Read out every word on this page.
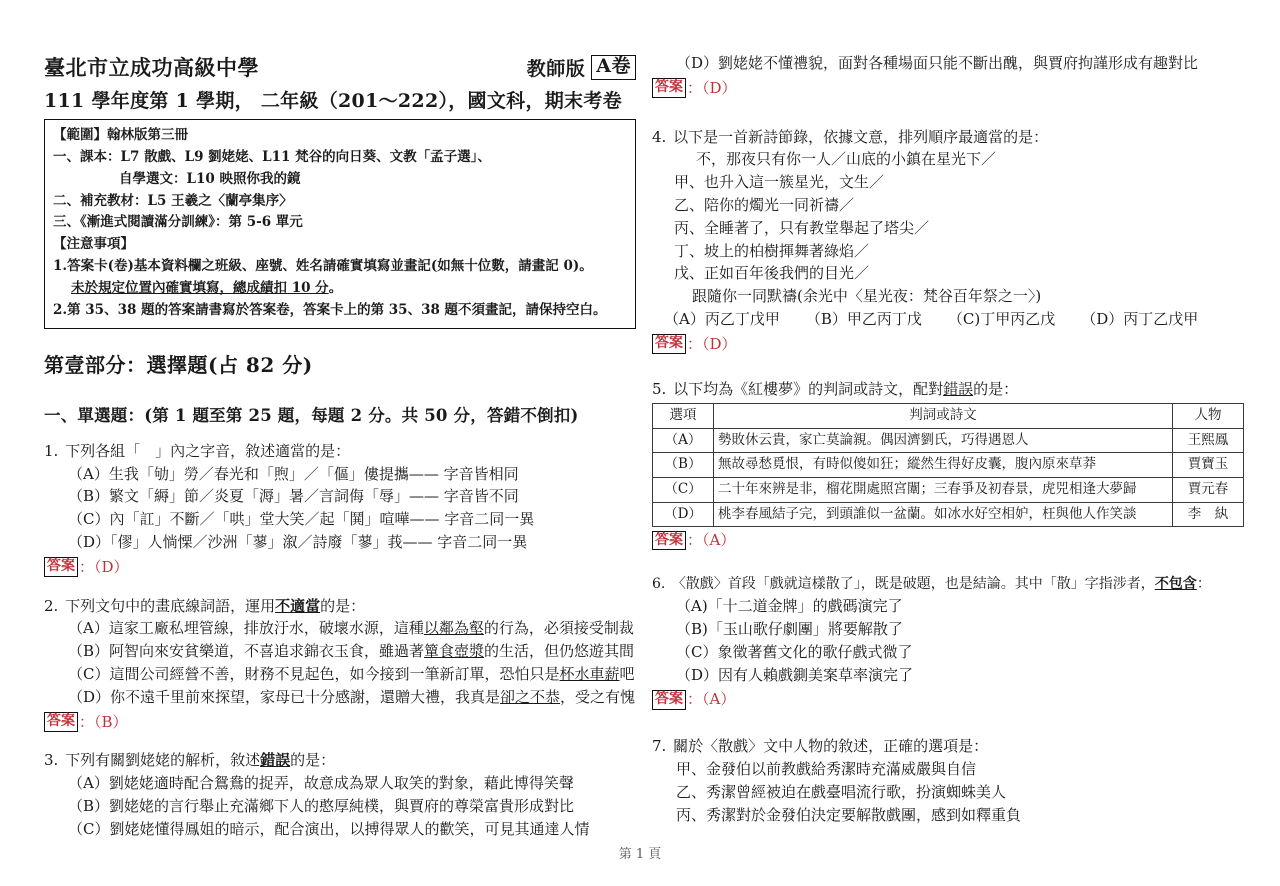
臺北市立成功高級中學	教師版 A卷
111 學年度第 1 學期， 二年級（201～222），國文科，期末考卷
【範圍】翰林版第三冊
一、課本：L7 散戲、L9 劉姥姥、L11 梵谷的向日葵、文教「孟子選」、
自學選文：L10 映照你我的鏡
二、補充教材：L5 王羲之〈蘭亭集序〉
三、《漸進式閱讀滿分訓練》：第 5-6 單元
【注意事項】
1.答案卡(卷)基本資料欄之班級、座號、姓名請確實填寫並畫記(如無十位數，請畫記 0)。
未於規定位置內確實填寫，總成績扣 10 分。
2.第 35、38 題的答案請書寫於答案卷，答案卡上的第 35、38 題不須畫記，請保持空白。
第壹部分：選擇題(占 82 分)
一、單選題：(第 1 題至第 25 題，每題 2 分。共 50 分，答錯不倒扣)
1. 下列各組「　」內之字音，敘述適當的是：
（A）生我「劬」勞／春光和「煦」／「傴」僂提攜—— 字音皆相同
（B）繁文「縟」節／炎夏「溽」暑／言詞侮「辱」—— 字音皆不同
（C）內「訌」不斷／「哄」堂大笑／起「鬨」喧嘩—— 字音二同一異
（D）「僇」人惝慄／沙洲「蓼」溆／詩廢「蓼」莪—— 字音二同一異
答案 ：（D）
2. 下列文句中的畫底線詞語，運用不適當的是：
（A）這家工廠私埋管線，排放汙水，破壞水源，這種以鄰為壑的行為，必須接受制裁
（B）阿智向來安貧樂道，不喜追求錦衣玉食，雖過著簞食壺漿的生活，但仍悠遊其間
（C）這間公司經營不善，財務不見起色，如今接到一筆新訂單，恐怕只是杯水車薪吧
（D）你不遠千里前來探望，家母已十分感謝，還贈大禮，我真是卻之不恭，受之有愧
答案 ：（B）
3. 下列有關劉姥姥的解析，敘述錯誤的是：
（A）劉姥姥適時配合鴛鴦的捉弄，故意成為眾人取笑的對象，藉此博得笑聲
（B）劉姥姥的言行舉止充滿鄉下人的憨厚純樸，與賈府的尊榮富貴形成對比
（C）劉姥姥懂得鳳姐的暗示，配合演出，以搏得眾人的歡笑，可見其通達人情
（D）劉姥姥不懂禮貌，面對各種場面只能不斷出醜，與賈府拘謹形成有趣對比
答案 ：（D）
4. 以下是一首新詩節錄，依據文意，排列順序最適當的是：
不，那夜只有你一人／山底的小鎮在星光下／
甲、也升入這一簇星光，文生／
乙、陪你的燭光一同祈禱／
丙、全睡著了，只有教堂舉起了塔尖／
丁、坡上的柏樹揮舞著綠焰／
戊、正如百年後我們的目光／
跟隨你一同默禱(余光中〈星光夜：梵谷百年祭之一〉)
（A）丙乙丁戊甲 （B）甲乙丙丁戊 （C)丁甲丙乙戊 （D）丙丁乙戊甲
答案 ：（D）
5. 以下均為《紅樓夢》的判詞或詩文，配對錯誤的是：
選項	判詞或詩文	人物
（A）	勢敗休云貴，家亡莫論親。偶因濟劉氏，巧得遇恩人	王熙鳳
（B）	無故尋愁覓恨，有時似傻如狂；縱然生得好皮囊，腹內原來草莽	賈寶玉
（C）	二十年來辨是非，榴花開處照宮闈；三春爭及初春景，虎兕相逢大夢歸	賈元春
（D）	桃李春風結子完，到頭誰似一盆蘭。如冰水好空相妒，枉與他人作笑談	李　紈
答案 ：（A）
6. 〈散戲〉首段「戲就這樣散了」，既是破題，也是結論。其中「散」字指涉者，不包含：
（A)「十二道金牌」的戲碼演完了
（B)「玉山歌仔劇團」將要解散了
（C）象徵著舊文化的歌仔戲式微了
（D）因有人賴戲鍘美案草率演完了
答案 ：（A）
7. 關於〈散戲〉文中人物的敘述，正確的選項是：
甲、金發伯以前教戲給秀潔時充滿威嚴與自信
乙、秀潔曾經被迫在戲臺唱流行歌，扮演蜘蛛美人
丙、秀潔對於金發伯決定要解散戲團，感到如釋重負
第 1 頁
